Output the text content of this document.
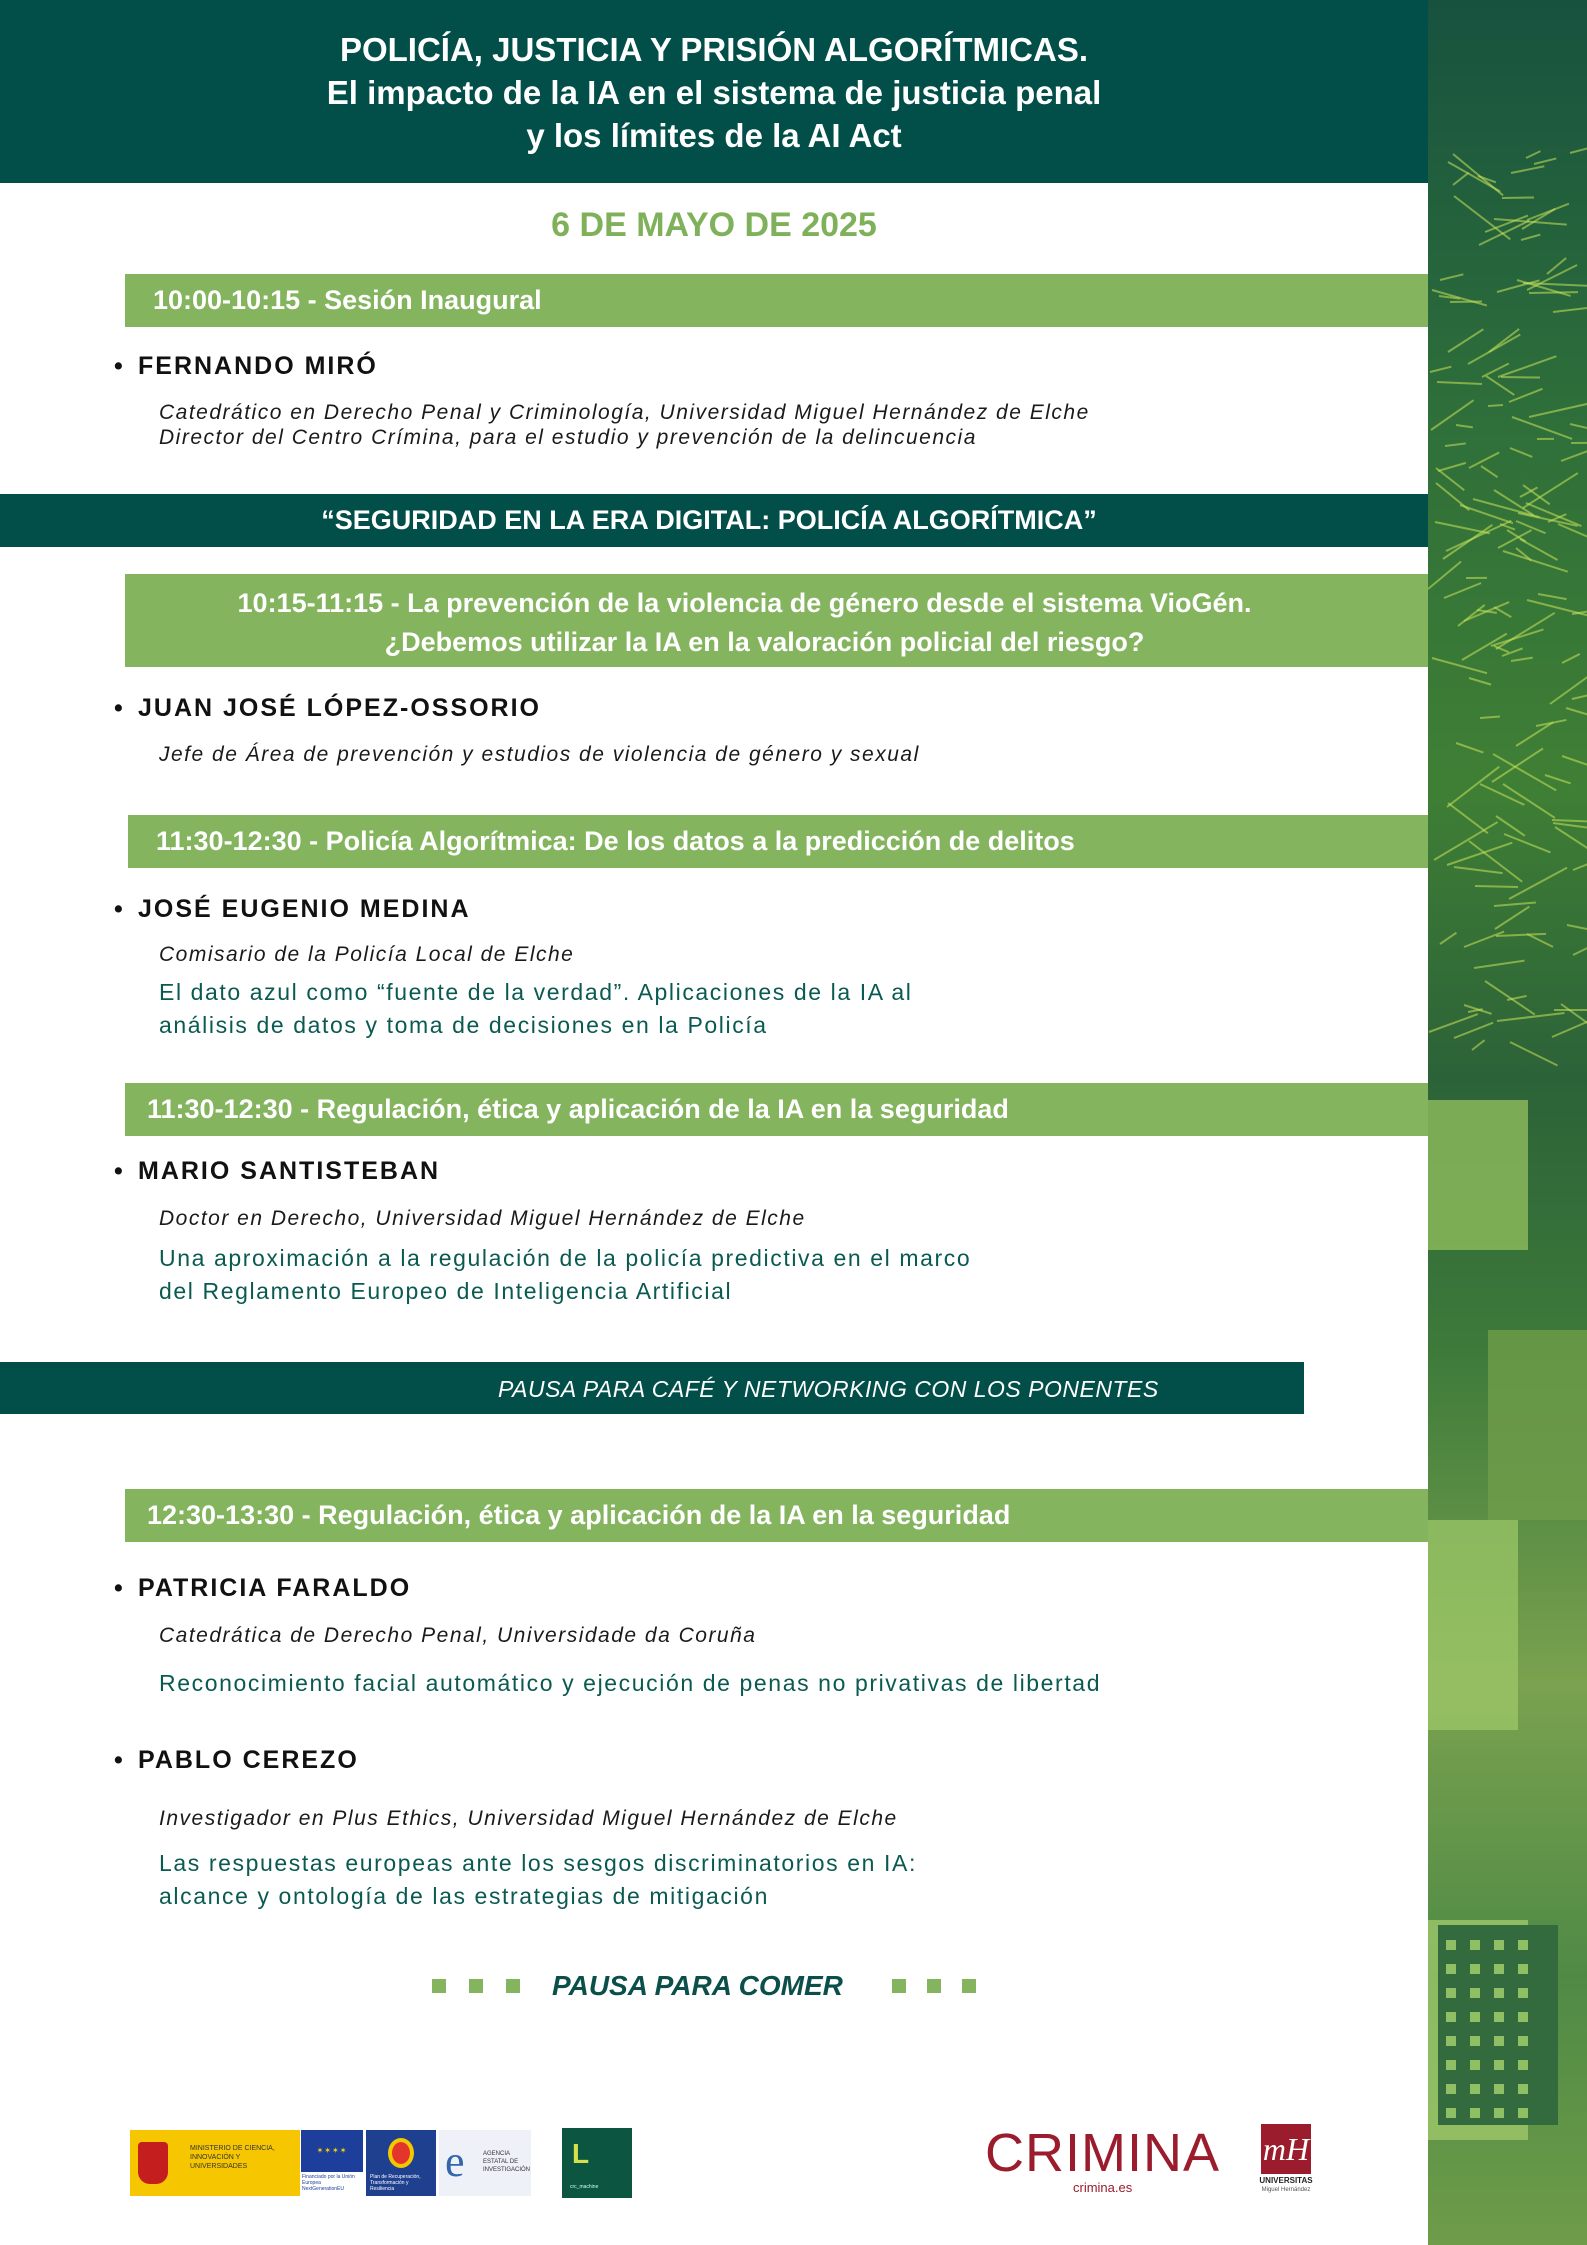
POLICÍA, JUSTICIA Y PRISIÓN ALGORÍTMICAS.
El impacto de la IA en el sistema de justicia penal
y los límites de la AI Act
6 DE MAYO DE 2025
10:00-10:15 - Sesión Inaugural
• FERNANDO MIRÓ
Catedrático en Derecho Penal y Criminología, Universidad Miguel Hernández de Elche
Director del Centro Crímina, para el estudio y prevención de la delincuencia
“SEGURIDAD EN LA ERA DIGITAL: POLICÍA ALGORÍTMICA”
10:15-11:15 - La prevención de la violencia de género desde el sistema VioGén.
¿Debemos utilizar la IA en la valoración policial del riesgo?
• JUAN JOSÉ LÓPEZ-OSSORIO
Jefe de Área de prevención y estudios de violencia de género y sexual
11:30-12:30 - Policía Algorítmica: De los datos a la predicción de delitos
• JOSÉ EUGENIO MEDINA
Comisario de la Policía Local de Elche
El dato azul como “fuente de la verdad”. Aplicaciones de la IA al
análisis de datos y toma de decisiones en la Policía
11:30-12:30 - Regulación, ética y aplicación de la IA en la seguridad
• MARIO SANTISTEBAN
Doctor en Derecho, Universidad Miguel Hernández de Elche
Una aproximación a la regulación de la policía predictiva en el marco
del Reglamento Europeo de Inteligencia Artificial
PAUSA PARA CAFÉ Y NETWORKING CON LOS PONENTES
12:30-13:30 - Regulación, ética y aplicación de la IA en la seguridad
• PATRICIA FARALDO
Catedrática de Derecho Penal, Universidade da Coruña
Reconocimiento facial automático y ejecución de penas no privativas de libertad
• PABLO CEREZO
Investigador en Plus Ethics, Universidad Miguel Hernández de Elche
Las respuestas europeas ante los sesgos discriminatorios en IA:
alcance y ontología de las estrategias de mitigación
PAUSA PARA COMER
MINISTERIO DE CIENCIA, INNOVACIÓN Y UNIVERSIDADES
✶✶✶✶
Financiado por la Unión Europea NextGenerationEU
Plan de Recuperación, Transformación y Resiliencia
e	AGENCIA ESTATAL DE INVESTIGACIÓN
L
crc_machine
CRIMINA
crimina.es
mH
UNIVERSITAS
Miguel Hernández
